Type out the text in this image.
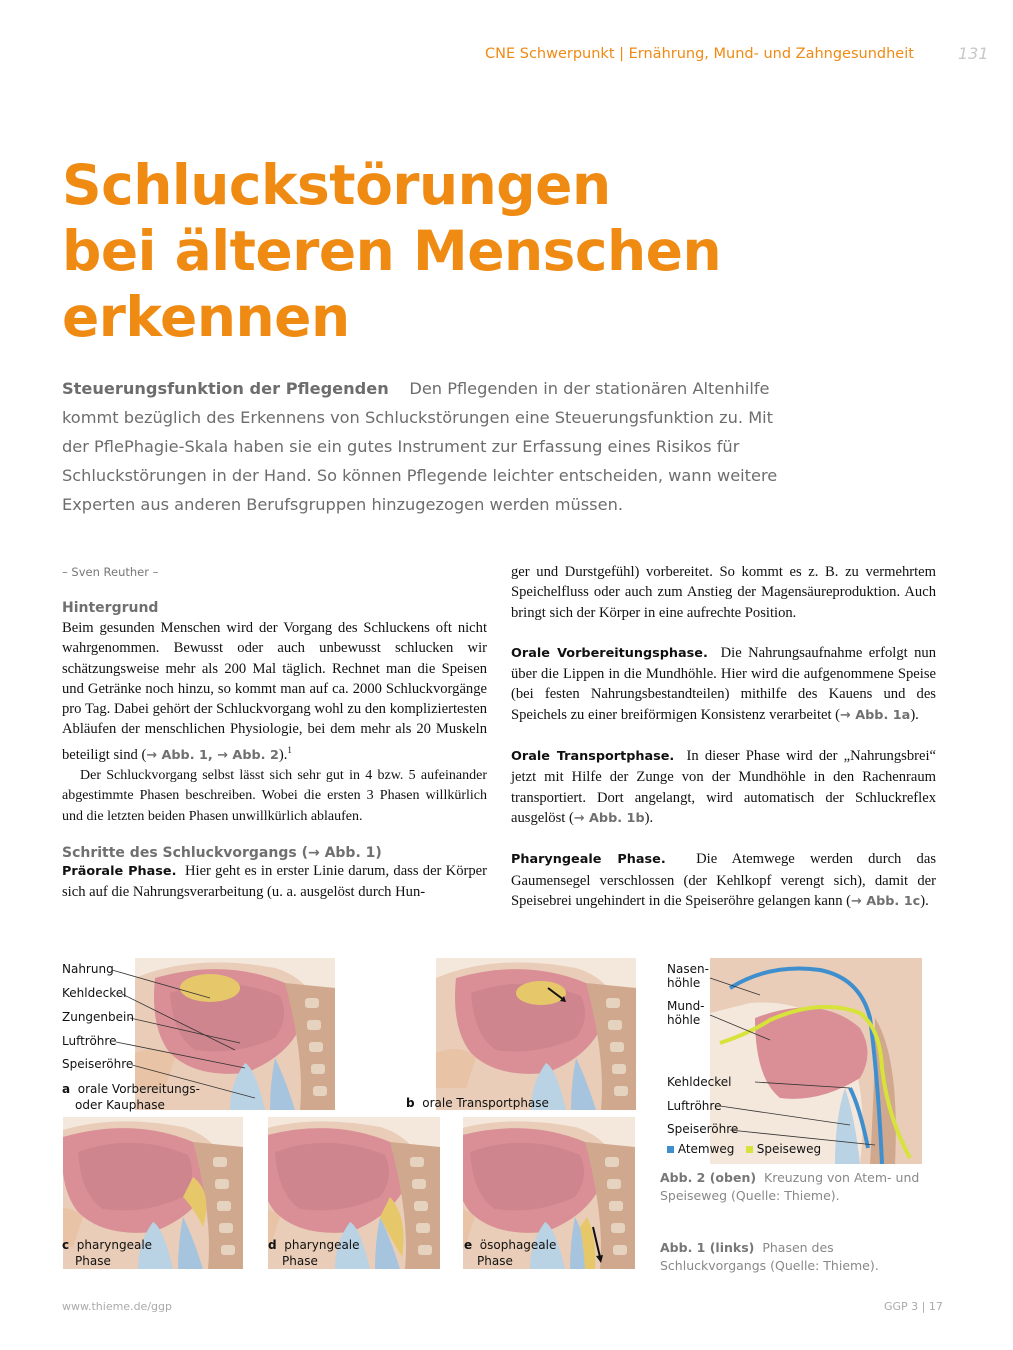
CNE Schwerpunkt | Ernährung, Mund- und Zahngesundheit	131
Schluckstörungen
bei älteren Menschen
erkennen
Steuerungsfunktion der Pflegenden Den Pflegenden in der stationären Altenhilfe kommt bezüglich des Erkennens von Schluckstörungen eine Steuerungsfunktion zu. Mit der PflePhagie-Skala haben sie ein gutes Instrument zur Erfassung eines Risikos für Schluckstörungen in der Hand. So können Pflegende leichter entscheiden, wann weitere Experten aus anderen Berufsgruppen hinzugezogen werden müssen.
– Sven Reuther –
Hintergrund
Beim gesunden Menschen wird der Vorgang des Schluckens oft nicht wahrgenommen. Bewusst oder auch unbewusst schlucken wir schätzungsweise mehr als 200 Mal täglich. Rechnet man die Speisen und Getränke noch hinzu, so kommt man auf ca. 2000 Schluckvorgänge pro Tag. Dabei gehört der Schluckvorgang wohl zu den kompliziertesten Abläufen der menschlichen Physiologie, bei dem mehr als 20 Muskeln beteiligt sind (→ Abb. 1, → Abb. 2).$^1$
Der Schluckvorgang selbst lässt sich sehr gut in 4 bzw. 5 aufeinander abgestimmte Phasen beschreiben. Wobei die ersten 3 Phasen willkürlich und die letzten beiden Phasen unwillkürlich ablaufen.
Schritte des Schluckvorgangs (→ Abb. 1)
Präorale Phase. Hier geht es in erster Linie darum, dass der Körper sich auf die Nahrungsverarbeitung (u. a. ausgelöst durch Hun-
ger und Durstgefühl) vorbereitet. So kommt es z. B. zu vermehrtem Speichelfluss oder auch zum Anstieg der Magensäureproduktion. Auch bringt sich der Körper in eine aufrechte Position.
Orale Vorbereitungsphase. Die Nahrungsaufnahme erfolgt nun über die Lippen in die Mundhöhle. Hier wird die aufgenommene Speise (bei festen Nahrungsbestandteilen) mithilfe des Kauens und des Speichels zu einer breiförmigen Konsistenz verarbeitet (→ Abb. 1a).
Orale Transportphase. In dieser Phase wird der „Nahrungsbrei“ jetzt mit Hilfe der Zunge von der Mundhöhle in den Rachenraum transportiert. Dort angelangt, wird automatisch der Schluckreflex ausgelöst (→ Abb. 1b).
Pharyngeale Phase. Die Atemwege werden durch das Gaumensegel verschlossen (der Kehlkopf verengt sich), damit der Speisebrei ungehindert in die Speiseröhre gelangen kann (→ Abb. 1c).
Nahrung
Kehldeckel
Zungenbein
Luftröhre
Speiseröhre
a orale Vorbereitungs-
oder Kauphase	b orale Transportphase
c pharyngeale
Phase
d pharyngeale
Phase
e ösophageale
Phase
Nasen-
höhle
Mund-
höhle
Kehldeckel
Luftröhre
Speiseröhre
Atemweg Speiseweg
Abb. 2 (oben) Kreuzung von Atem- und Speiseweg (Quelle: Thieme).
Abb. 1 (links) Phasen des Schluckvorgangs (Quelle: Thieme).
www.thieme.de/ggp	GGP 3 | 17
